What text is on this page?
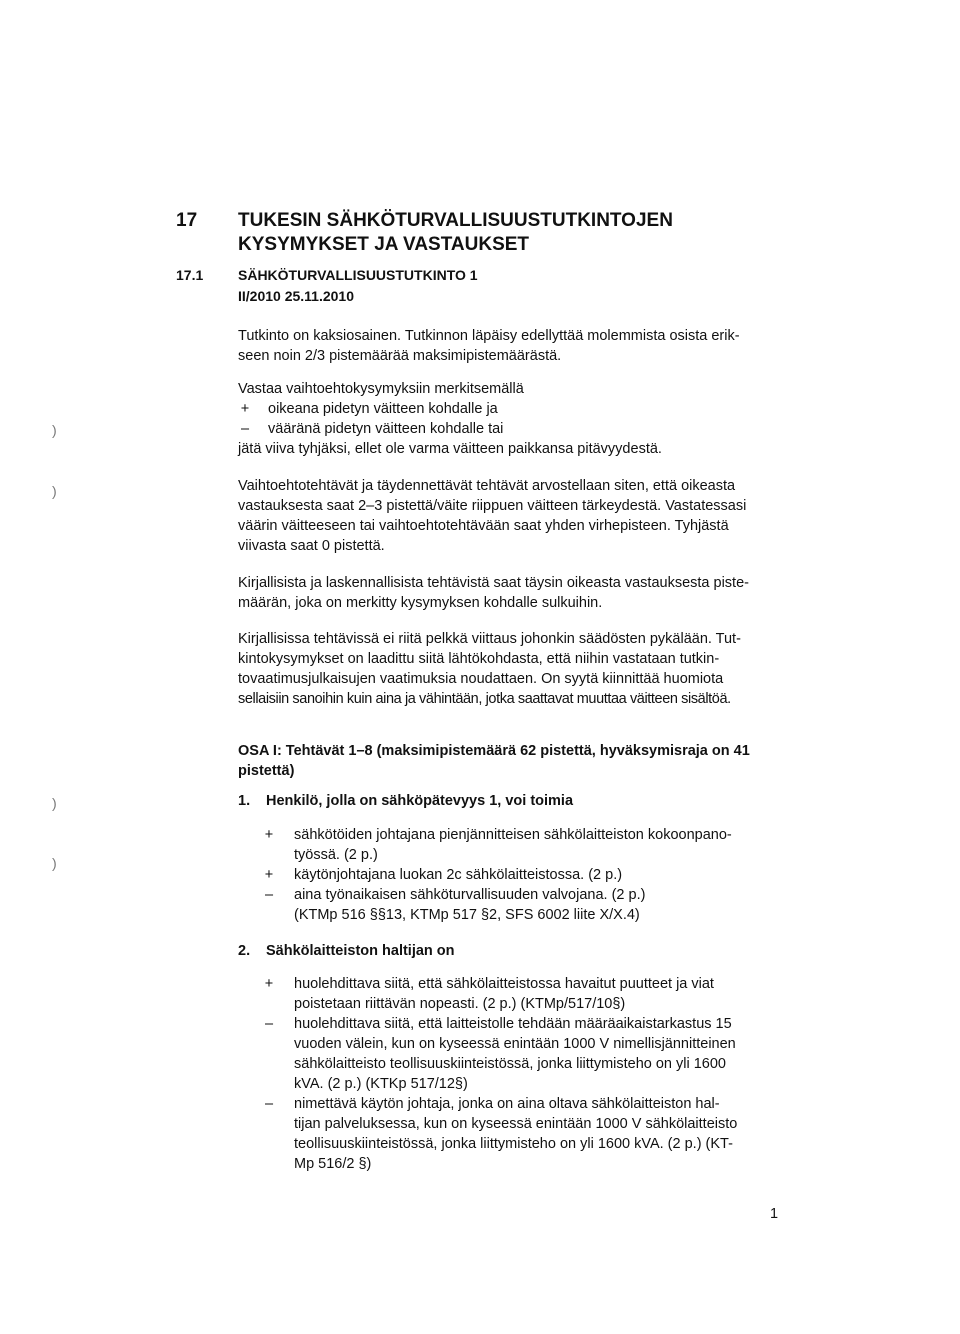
17 TUKESIN SÄHKÖTURVALLISUUSTUTKINTOJEN
KYSYMYKSET JA VASTAUKSET
17.1 SÄHKÖTURVALLISUUSTUTKINTO 1
II/2010 25.11.2010
Tutkinto on kaksiosainen. Tutkinnon läpäisy edellyttää molemmista osista erik-
seen noin 2/3 pistemäärää maksimipistemäärästä.
Vastaa vaihtoehtokysymyksiin merkitsemällä
+ oikeana pidetyn väitteen kohdalle ja
– vääränä pidetyn väitteen kohdalle tai
jätä viiva tyhjäksi, ellet ole varma väitteen paikkansa pitävyydestä.
Vaihtoehtotehtävät ja täydennettävät tehtävät arvostellaan siten, että oikeasta
vastauksesta saat 2–3 pistettä/väite riippuen väitteen tärkeydestä. Vastatessasi
väärin väitteeseen tai vaihtoehtotehtävään saat yhden virhepisteen. Tyhjästä
viivasta saat 0 pistettä.
Kirjallisista ja laskennallisista tehtävistä saat täysin oikeasta vastauksesta piste-
määrän, joka on merkitty kysymyksen kohdalle sulkuihin.
Kirjallisissa tehtävissä ei riitä pelkkä viittaus johonkin säädösten pykälään. Tut-
kintokysymykset on laadittu siitä lähtökohdasta, että niihin vastataan tutkin-
tovaatimusjulkaisujen vaatimuksia noudattaen. On syytä kiinnittää huomiota
sellaisiin sanoihin kuin aina ja vähintään, jotka saattavat muuttaa väitteen sisältöä.
OSA I: Tehtävät 1–8 (maksimipistemäärä 62 pistettä, hyväksymisraja on 41
pistettä)
1. Henkilö, jolla on sähköpätevyys 1, voi toimia
+ sähkötöiden johtajana pienjännitteisen sähkölaitteiston kokoonpano-
työssä. (2 p.)
+ käytönjohtajana luokan 2c sähkölaitteistossa. (2 p.)
– aina työnaikaisen sähköturvallisuuden valvojana. (2 p.)
(KTMp 516 §§13, KTMp 517 §2, SFS 6002 liite X/X.4)
2. Sähkölaitteiston haltijan on
+ huolehdittava siitä, että sähkölaitteistossa havaitut puutteet ja viat
poistetaan riittävän nopeasti. (2 p.) (KTMp/517/10§)
– huolehdittava siitä, että laitteistolle tehdään määräaikaistarkastus 15
vuoden välein, kun on kyseessä enintään 1000 V nimellisjännitteinen
sähkölaitteisto teollisuuskiinteistössä, jonka liittymisteho on yli 1600
kVA. (2 p.) (KTKp 517/12§)
– nimettävä käytön johtaja, jonka on aina oltava sähkölaitteiston hal-
tijan palveluksessa, kun on kyseessä enintään 1000 V sähkölaitteisto
teollisuuskiinteistössä, jonka liittymisteho on yli 1600 kVA. (2 p.) (KT-
Mp 516/2 §)
1
)
)
)
)
